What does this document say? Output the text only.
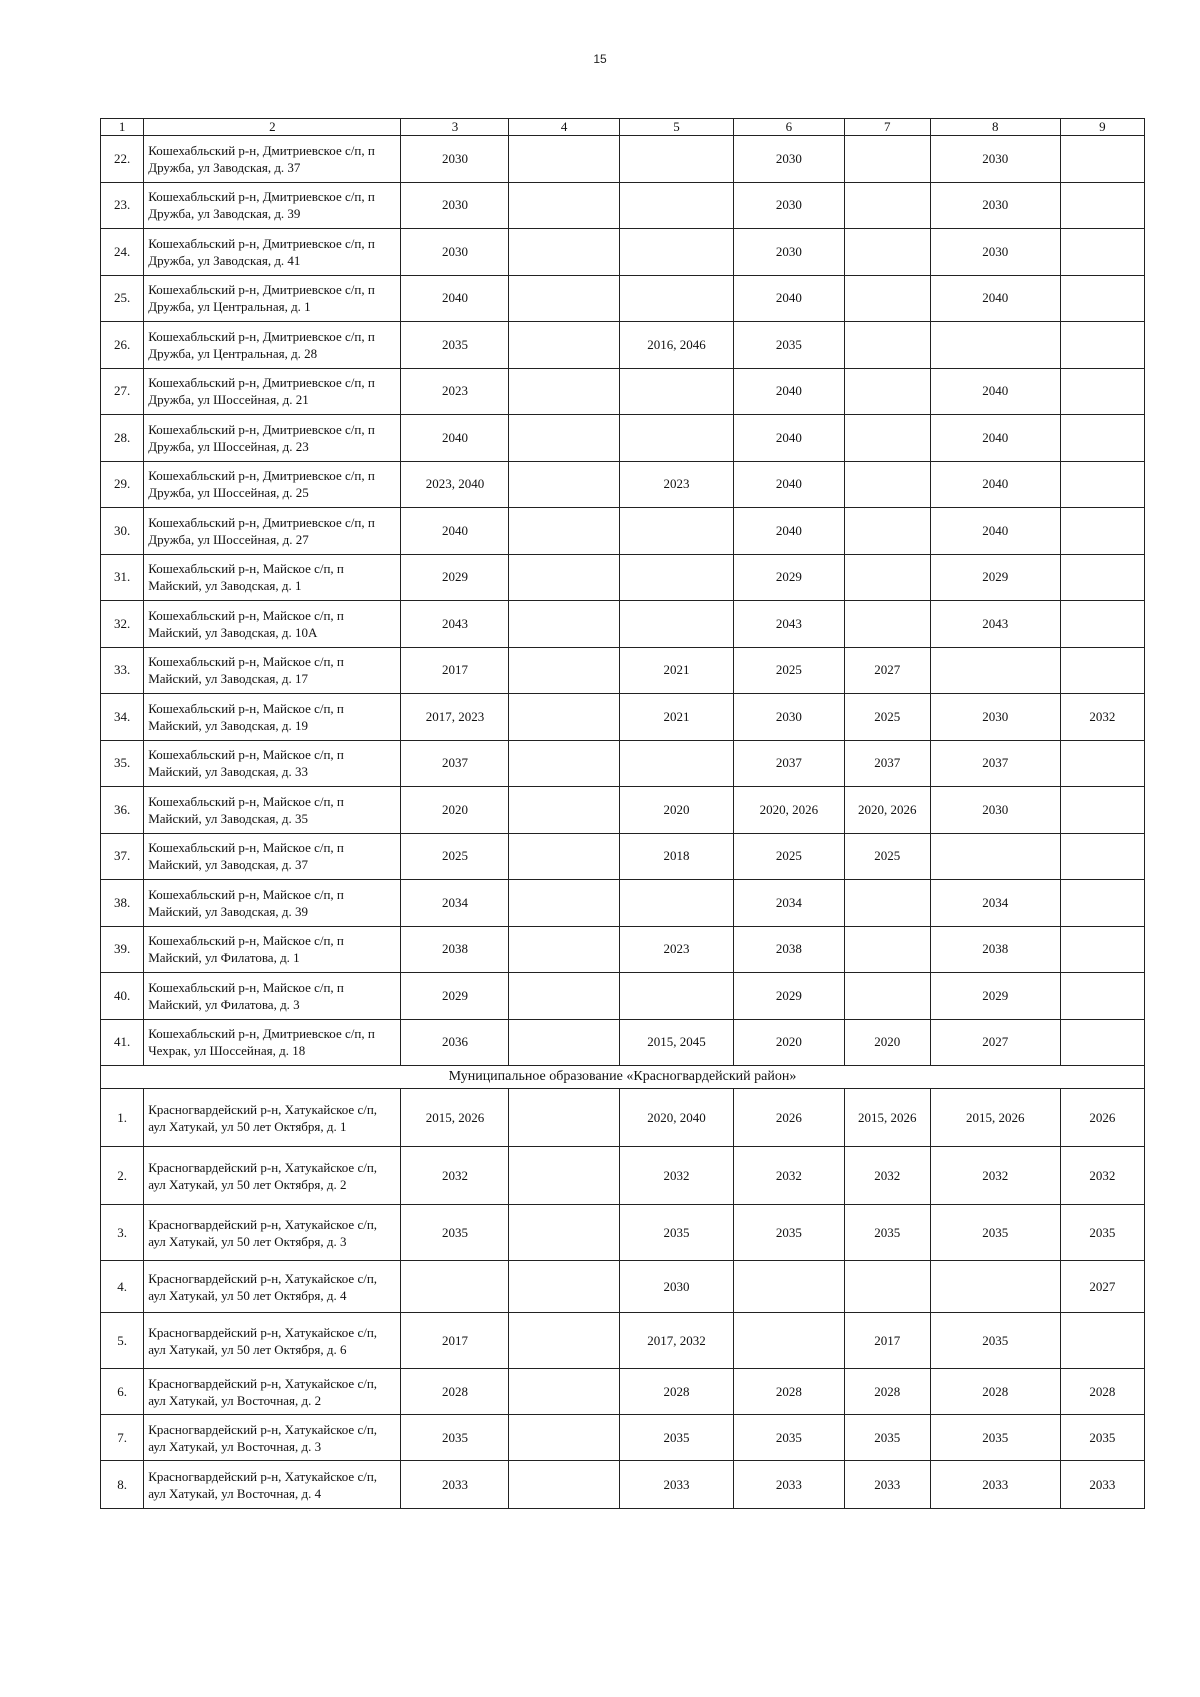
15
1	2	3	4	5	6	7	8	9
22.	Кошехабльский р-н, Дмитриевское с/п, п Дружба, ул Заводская, д. 37	2030			2030		2030	
23.	Кошехабльский р-н, Дмитриевское с/п, п Дружба, ул Заводская, д. 39	2030			2030		2030	
24.	Кошехабльский р-н, Дмитриевское с/п, п Дружба, ул Заводская, д. 41	2030			2030		2030	
25.	Кошехабльский р-н, Дмитриевское с/п, п Дружба, ул Центральная, д. 1	2040			2040		2040	
26.	Кошехабльский р-н, Дмитриевское с/п, п Дружба, ул Центральная, д. 28	2035		2016, 2046	2035			
27.	Кошехабльский р-н, Дмитриевское с/п, п Дружба, ул Шоссейная, д. 21	2023			2040		2040	
28.	Кошехабльский р-н, Дмитриевское с/п, п Дружба, ул Шоссейная, д. 23	2040			2040		2040	
29.	Кошехабльский р-н, Дмитриевское с/п, п Дружба, ул Шоссейная, д. 25	2023, 2040		2023	2040		2040	
30.	Кошехабльский р-н, Дмитриевское с/п, п Дружба, ул Шоссейная, д. 27	2040			2040		2040	
31.	Кошехабльский р-н, Майское с/п, п Майский, ул Заводская, д. 1	2029			2029		2029	
32.	Кошехабльский р-н, Майское с/п, п Майский, ул Заводская, д. 10А	2043			2043		2043	
33.	Кошехабльский р-н, Майское с/п, п Майский, ул Заводская, д. 17	2017		2021	2025	2027		
34.	Кошехабльский р-н, Майское с/п, п Майский, ул Заводская, д. 19	2017, 2023		2021	2030	2025	2030	2032
35.	Кошехабльский р-н, Майское с/п, п Майский, ул Заводская, д. 33	2037			2037	2037	2037	
36.	Кошехабльский р-н, Майское с/п, п Майский, ул Заводская, д. 35	2020		2020	2020, 2026	2020, 2026	2030	
37.	Кошехабльский р-н, Майское с/п, п Майский, ул Заводская, д. 37	2025		2018	2025	2025		
38.	Кошехабльский р-н, Майское с/п, п Майский, ул Заводская, д. 39	2034			2034		2034	
39.	Кошехабльский р-н, Майское с/п, п Майский, ул Филатова, д. 1	2038		2023	2038		2038	
40.	Кошехабльский р-н, Майское с/п, п Майский, ул Филатова, д. 3	2029			2029		2029	
41.	Кошехабльский р-н, Дмитриевское с/п, п Чехрак, ул Шоссейная, д. 18	2036		2015, 2045	2020	2020	2027	
Муниципальное образование «Красногвардейский район»								
1.	Красногвардейский р-н, Хатукайское с/п, аул Хатукай, ул 50 лет Октября, д. 1	2015, 2026		2020, 2040	2026	2015, 2026	2015, 2026	2026
2.	Красногвардейский р-н, Хатукайское с/п, аул Хатукай, ул 50 лет Октября, д. 2	2032		2032	2032	2032	2032	2032
3.	Красногвардейский р-н, Хатукайское с/п, аул Хатукай, ул 50 лет Октября, д. 3	2035		2035	2035	2035	2035	2035
4.	Красногвардейский р-н, Хатукайское с/п, аул Хатукай, ул 50 лет Октября, д. 4			2030				2027
5.	Красногвардейский р-н, Хатукайское с/п, аул Хатукай, ул 50 лет Октября, д. 6	2017		2017, 2032		2017	2035	
6.	Красногвардейский р-н, Хатукайское с/п, аул Хатукай, ул Восточная, д. 2	2028		2028	2028	2028	2028	2028
7.	Красногвардейский р-н, Хатукайское с/п, аул Хатукай, ул Восточная, д. 3	2035		2035	2035	2035	2035	2035
8.	Красногвардейский р-н, Хатукайское с/п, аул Хатукай, ул Восточная, д. 4	2033		2033	2033	2033	2033	2033
